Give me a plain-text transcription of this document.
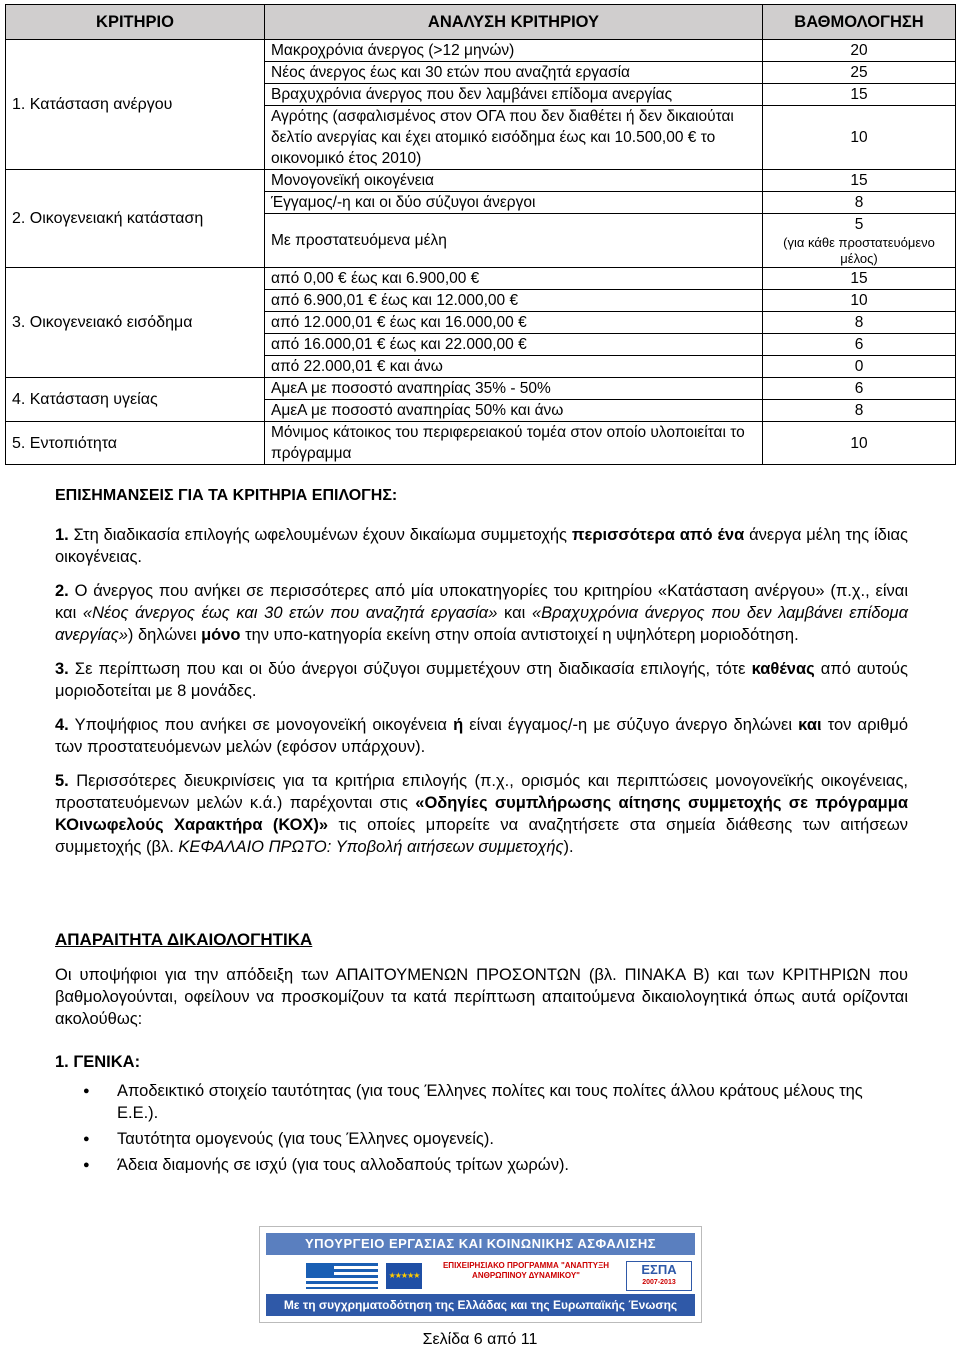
ΚΡΙΤΗΡΙΟ	ΑΝΑΛΥΣΗ ΚΡΙΤΗΡΙΟΥ	ΒΑΘΜΟΛΟΓΗΣΗ
1. Κατάσταση ανέργου	Μακροχρόνια άνεργος (>12 μηνών)	20
	Νέος άνεργος έως και 30 ετών που αναζητά εργασία	25
	Βραχυχρόνια άνεργος που δεν λαμβάνει επίδομα ανεργίας	15
	Αγρότης (ασφαλισμένος στον ΟΓΑ που δεν διαθέτει ή δεν δικαιούται δελτίο ανεργίας και έχει ατομικό εισόδημα έως και 10.500,00 € το οικονομικό έτος 2010)	10
2. Οικογενειακή κατάσταση	Μονογονεϊκή οικογένεια	15
	Έγγαμος/-η και οι δύο σύζυγοι άνεργοι	8
	Με προστατευόμενα μέλη	5
(για κάθε προστατευόμενο μέλος)

3. Οικογενειακό εισόδημα	από 0,00 € έως και 6.900,00 €	15
	από 6.900,01 € έως και 12.000,00 €	10
	από 12.000,01 € έως και 16.000,00 €	8
	από 16.000,01 € έως και 22.000,00 €	6
	από 22.000,01 € και άνω	0
4. Κατάσταση υγείας	ΑμεΑ με ποσοστό αναπηρίας 35% - 50%	6
	ΑμεΑ με ποσοστό αναπηρίας 50% και άνω	8
5. Εντοπιότητα	Μόνιμος κάτοικος του περιφερειακού τομέα στον οποίο υλοποιείται το πρόγραμμα	10
ΕΠΙΣΗΜΑΝΣΕΙΣ ΓΙΑ ΤΑ ΚΡΙΤΗΡΙΑ ΕΠΙΛΟΓΗΣ:

1. Στη διαδικασία επιλογής ωφελουμένων έχουν δικαίωμα συμμετοχής περισσότερα από ένα άνεργα μέλη της ίδιας οικογένειας.

2. Ο άνεργος που ανήκει σε περισσότερες από μία υποκατηγορίες του κριτηρίου «Κατάσταση ανέργου» (π.χ., είναι και «Νέος άνεργος έως και 30 ετών που αναζητά εργασία» και «Βραχυχρόνια άνεργος που δεν λαμβάνει επίδομα ανεργίας») δηλώνει μόνο την υπο-κατηγορία εκείνη στην οποία αντιστοιχεί η υψηλότερη μοριοδότηση.

3. Σε περίπτωση που και οι δύο άνεργοι σύζυγοι συμμετέχουν στη διαδικασία επιλογής, τότε καθένας από αυτούς μοριοδοτείται με 8 μονάδες.

4. Υποψήφιος που ανήκει σε μονογονεϊκή οικογένεια ή είναι έγγαμος/-η με σύζυγο άνεργο δηλώνει και τον αριθμό των προστατευόμενων μελών (εφόσον υπάρχουν).

5. Περισσότερες διευκρινίσεις για τα κριτήρια επιλογής (π.χ., ορισμός και περιπτώσεις μονογονεϊκής οικογένειας, προστατευόμενων μελών κ.ά.) παρέχονται στις «Οδηγίες συμπλήρωσης αίτησης συμμετοχής σε πρόγραμμα ΚΟινωφελούς Χαρακτήρα (ΚΟΧ)» τις οποίες μπορείτε να αναζητήσετε στα σημεία διάθεσης των αιτήσεων συμμετοχής (βλ. ΚΕΦΑΛΑΙΟ ΠΡΩΤΟ: Υποβολή αιτήσεων συμμετοχής).

ΑΠΑΡΑΙΤΗΤΑ ΔΙΚΑΙΟΛΟΓΗΤΙΚΑ

Οι υποψήφιοι για την απόδειξη των ΑΠΑΙΤΟΥΜΕΝΩΝ ΠΡΟΣΟΝΤΩΝ (βλ. ΠΙΝΑΚΑ Β) και των ΚΡΙΤΗΡΙΩΝ που βαθμολογούνται, οφείλουν να προσκομίζουν τα κατά περίπτωση απαιτούμενα δικαιολογητικά όπως αυτά ορίζονται ακολούθως:

1. ΓΕΝΙΚΑ:
● Αποδεικτικό στοιχείο ταυτότητας (για τους Έλληνες πολίτες και τους πολίτες άλλου κράτους μέλους της Ε.Ε.).
● Ταυτότητα ομογενούς (για τους Έλληνες ομογενείς).
● Άδεια διαμονής σε ισχύ (για τους αλλοδαπούς τρίτων χωρών).
ΥΠΟΥΡΓΕΙΟ ΕΡΓΑΣΙΑΣ ΚΑΙ ΚΟΙΝΩΝΙΚΗΣ ΑΣΦΑΛΙΣΗΣ
★★★★★
ΕΠΙΧΕΙΡΗΣΙΑΚΟ ΠΡΟΓΡΑΜΜΑ "ΑΝΑΠΤΥΞΗ ΑΝΘΡΩΠΙΝΟΥ ΔΥΝΑΜΙΚΟΥ"	ΕΣΠΑ
2007-2013
Με τη συγχρηματοδότηση της Ελλάδας και της Ευρωπαϊκής Ένωσης
Σελίδα 6 από 11
